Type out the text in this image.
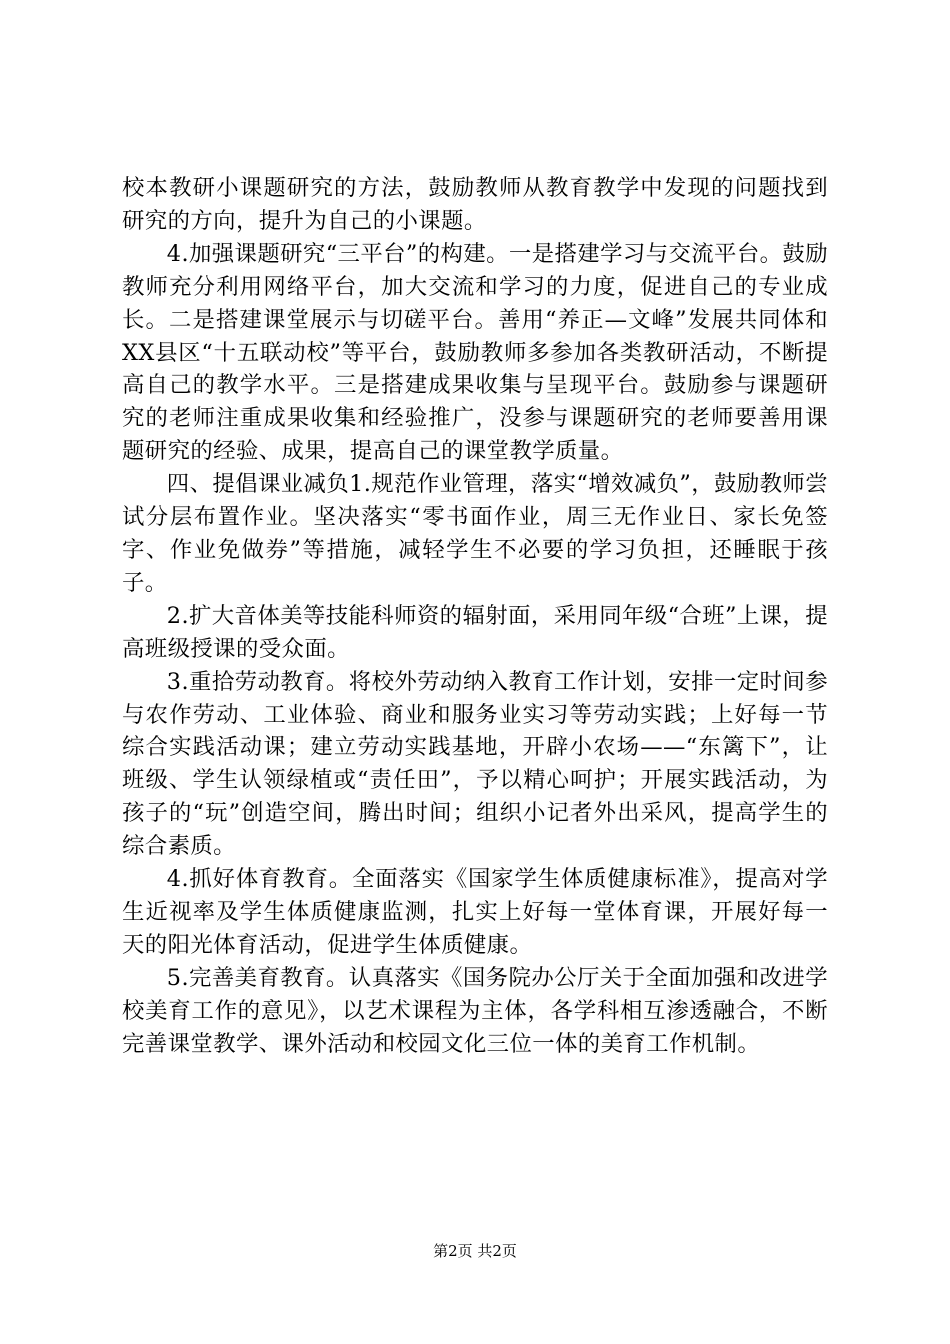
校本教研小课题研究的方法，鼓励教师从教育教学中发现的问题找到研究的方向，提升为自己的小课题。

4.加强课题研究“三平台”的构建。一是搭建学习与交流平台。鼓励教师充分利用网络平台，加大交流和学习的力度，促进自己的专业成长。二是搭建课堂展示与切磋平台。善用“养正—文峰”发展共同体和XX县区“十五联动校”等平台，鼓励教师多参加各类教研活动，不断提高自己的教学水平。三是搭建成果收集与呈现平台。鼓励参与课题研究的老师注重成果收集和经验推广，没参与课题研究的老师要善用课题研究的经验、成果，提高自己的课堂教学质量。

四、提倡课业减负1.规范作业管理，落实“增效减负”，鼓励教师尝试分层布置作业。坚决落实“零书面作业，周三无作业日、家长免签字、作业免做券”等措施，减轻学生不必要的学习负担，还睡眠于孩子。

2.扩大音体美等技能科师资的辐射面，采用同年级“合班”上课，提高班级授课的受众面。

3.重拾劳动教育。将校外劳动纳入教育工作计划，安排一定时间参与农作劳动、工业体验、商业和服务业实习等劳动实践；上好每一节综合实践活动课；建立劳动实践基地，开辟小农场——“东篱下”，让班级、学生认领绿植或“责任田”，予以精心呵护；开展实践活动，为孩子的“玩”创造空间，腾出时间；组织小记者外出采风，提高学生的综合素质。

4.抓好体育教育。全面落实《国家学生体质健康标准》，提高对学生近视率及学生体质健康监测，扎实上好每一堂体育课，开展好每一天的阳光体育活动，促进学生体质健康。

5.完善美育教育。认真落实《国务院办公厅关于全面加强和改进学校美育工作的意见》，以艺术课程为主体，各学科相互渗透融合，不断完善课堂教学、课外活动和校园文化三位一体的美育工作机制。

第2页 共2页
